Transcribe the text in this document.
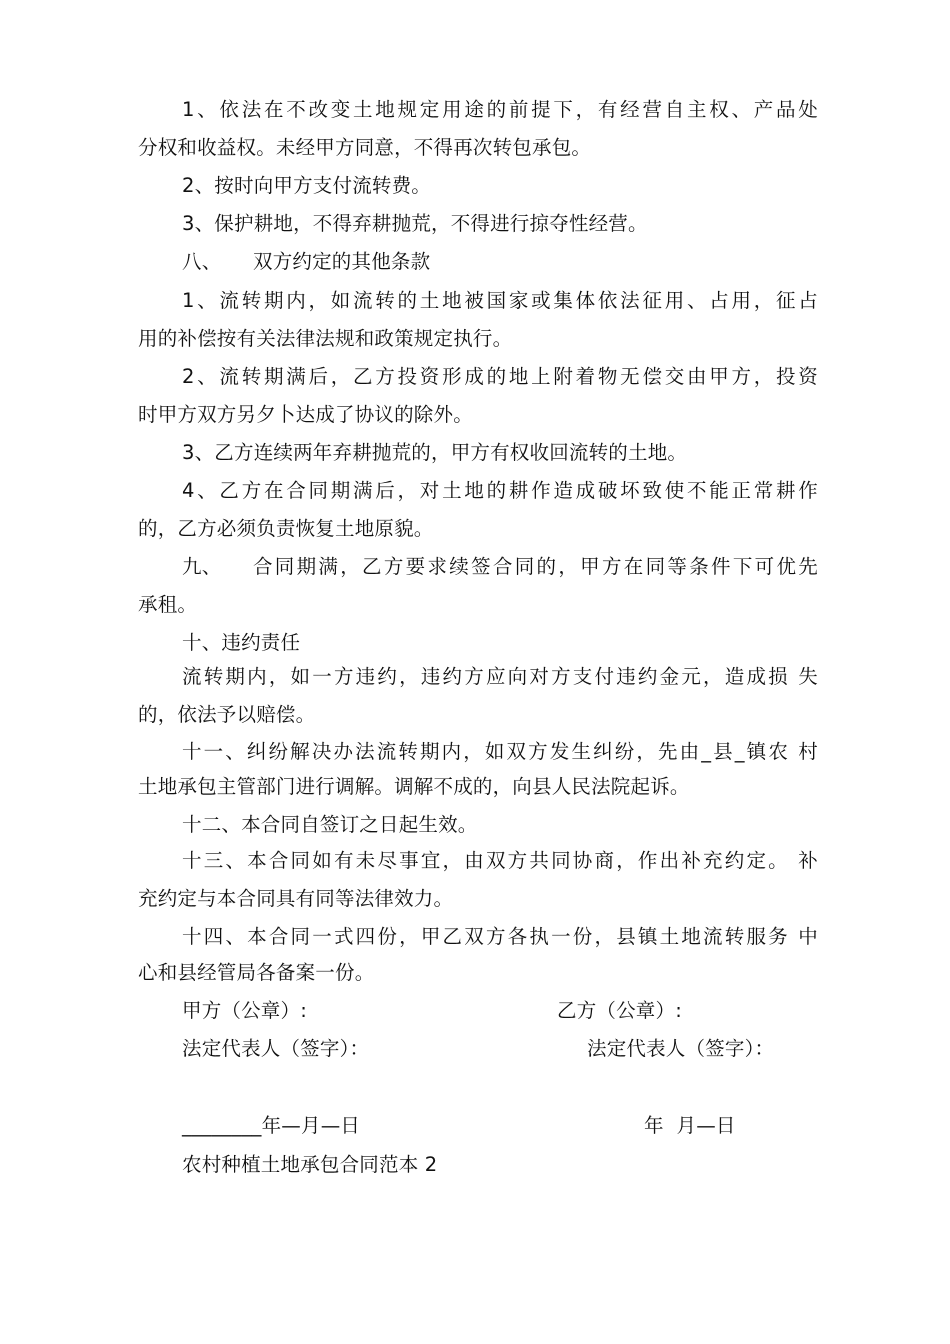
1、依法在不改变土地规定用途的前提下，有经营自主权、产品处
分权和收益权。未经甲方同意，不得再次转包承包。
2、按时向甲方支付流转费。
3、保护耕地，不得弃耕抛荒，不得进行掠夺性经营。
八、 双方约定的其他条款
1、流转期内，如流转的土地被国家或集体依法征用、占用，征占
用的补偿按有关法律法规和政策规定执行。
2、流转期满后，乙方投资形成的地上附着物无偿交由甲方，投资
时甲方双方另夕卜达成了协议的除外。
3、乙方连续两年弃耕抛荒的，甲方有权收回流转的土地。
4、乙方在合同期满后，对土地的耕作造成破坏致使不能正常耕作
的，乙方必须负责恢复土地原貌。
九、 合同期满，乙方要求续签合同的，甲方在同等条件下可优先
承租。
十、违约责任
流转期内，如一方违约，违约方应向对方支付违约金元，造成损 失
的，依法予以赔偿。
十一、纠纷解决办法流转期内，如双方发生纠纷，先由_县_镇农 村
土地承包主管部门进行调解。调解不成的，向县人民法院起诉。
十二、本合同自签订之日起生效。
十三、本合同如有未尽事宜，由双方共同协商，作出补充约定。 补
充约定与本合同具有同等法律效力。
十四、本合同一式四份，甲乙双方各执一份，县镇土地流转服务 中
心和县经管局各备案一份。
甲方（公章）:	乙方（公章）:
法定代表人（签字）：	法定代表人（签字）：
________年—月—日	年  月—日
农村种植土地承包合同范本 2
